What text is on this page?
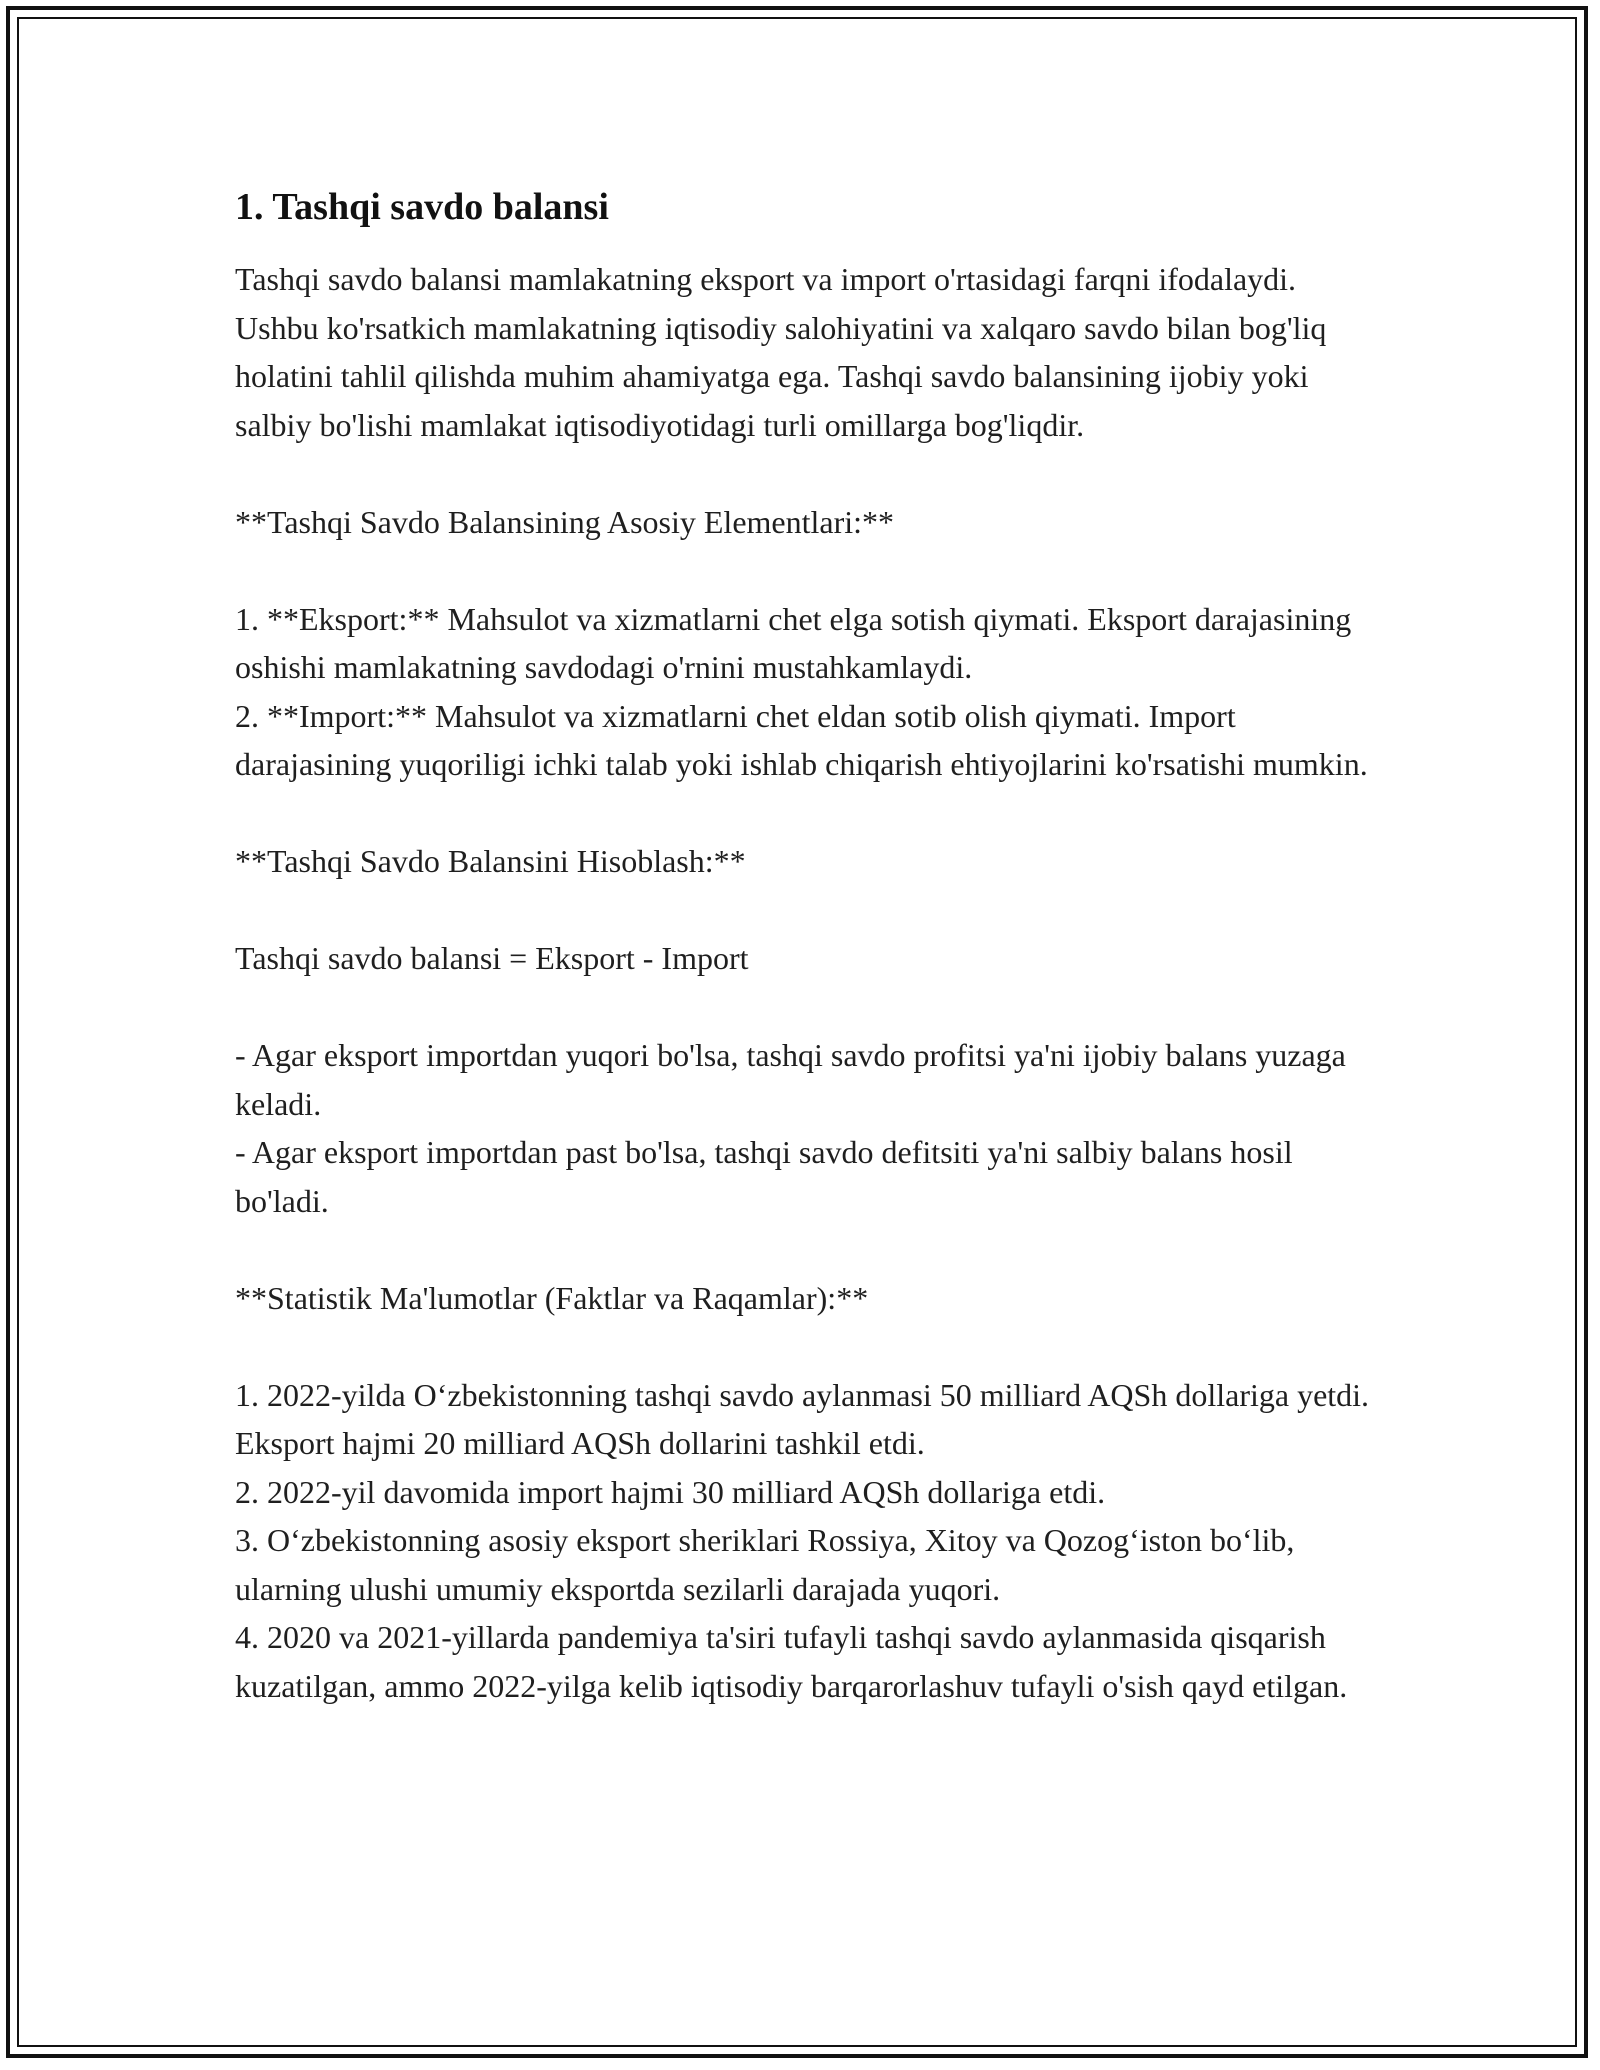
1. Tashqi savdo balansi

Tashqi savdo balansi mamlakatning eksport va import o'rtasidagi farqni ifodalaydi. Ushbu ko'rsatkich mamlakatning iqtisodiy salohiyatini va xalqaro savdo bilan bog'liq holatini tahlil qilishda muhim ahamiyatga ega. Tashqi savdo balansining ijobiy yoki salbiy bo'lishi mamlakat iqtisodiyotidagi turli omillarga bog'liqdir.

**Tashqi Savdo Balansining Asosiy Elementlari:**

1. **Eksport:** Mahsulot va xizmatlarni chet elga sotish qiymati. Eksport darajasining oshishi mamlakatning savdodagi o'rnini mustahkamlaydi.

2. **Import:** Mahsulot va xizmatlarni chet eldan sotib olish qiymati. Import darajasining yuqoriligi ichki talab yoki ishlab chiqarish ehtiyojlarini ko'rsatishi mumkin.

**Tashqi Savdo Balansini Hisoblash:**

Tashqi savdo balansi = Eksport - Import

- Agar eksport importdan yuqori bo'lsa, tashqi savdo profitsi ya'ni ijobiy balans yuzaga keladi.

- Agar eksport importdan past bo'lsa, tashqi savdo defitsiti ya'ni salbiy balans hosil bo'ladi.

**Statistik Ma'lumotlar (Faktlar va Raqamlar):**

1. 2022-yilda O‘zbekistonning tashqi savdo aylanmasi 50 milliard AQSh dollariga yetdi. Eksport hajmi 20 milliard AQSh dollarini tashkil etdi.

2. 2022-yil davomida import hajmi 30 milliard AQSh dollariga etdi.

3. O‘zbekistonning asosiy eksport sheriklari Rossiya, Xitoy va Qozog‘iston bo‘lib, ularning ulushi umumiy eksportda sezilarli darajada yuqori.

4. 2020 va 2021-yillarda pandemiya ta'siri tufayli tashqi savdo aylanmasida qisqarish kuzatilgan, ammo 2022-yilga kelib iqtisodiy barqarorlashuv tufayli o'sish qayd etilgan.
